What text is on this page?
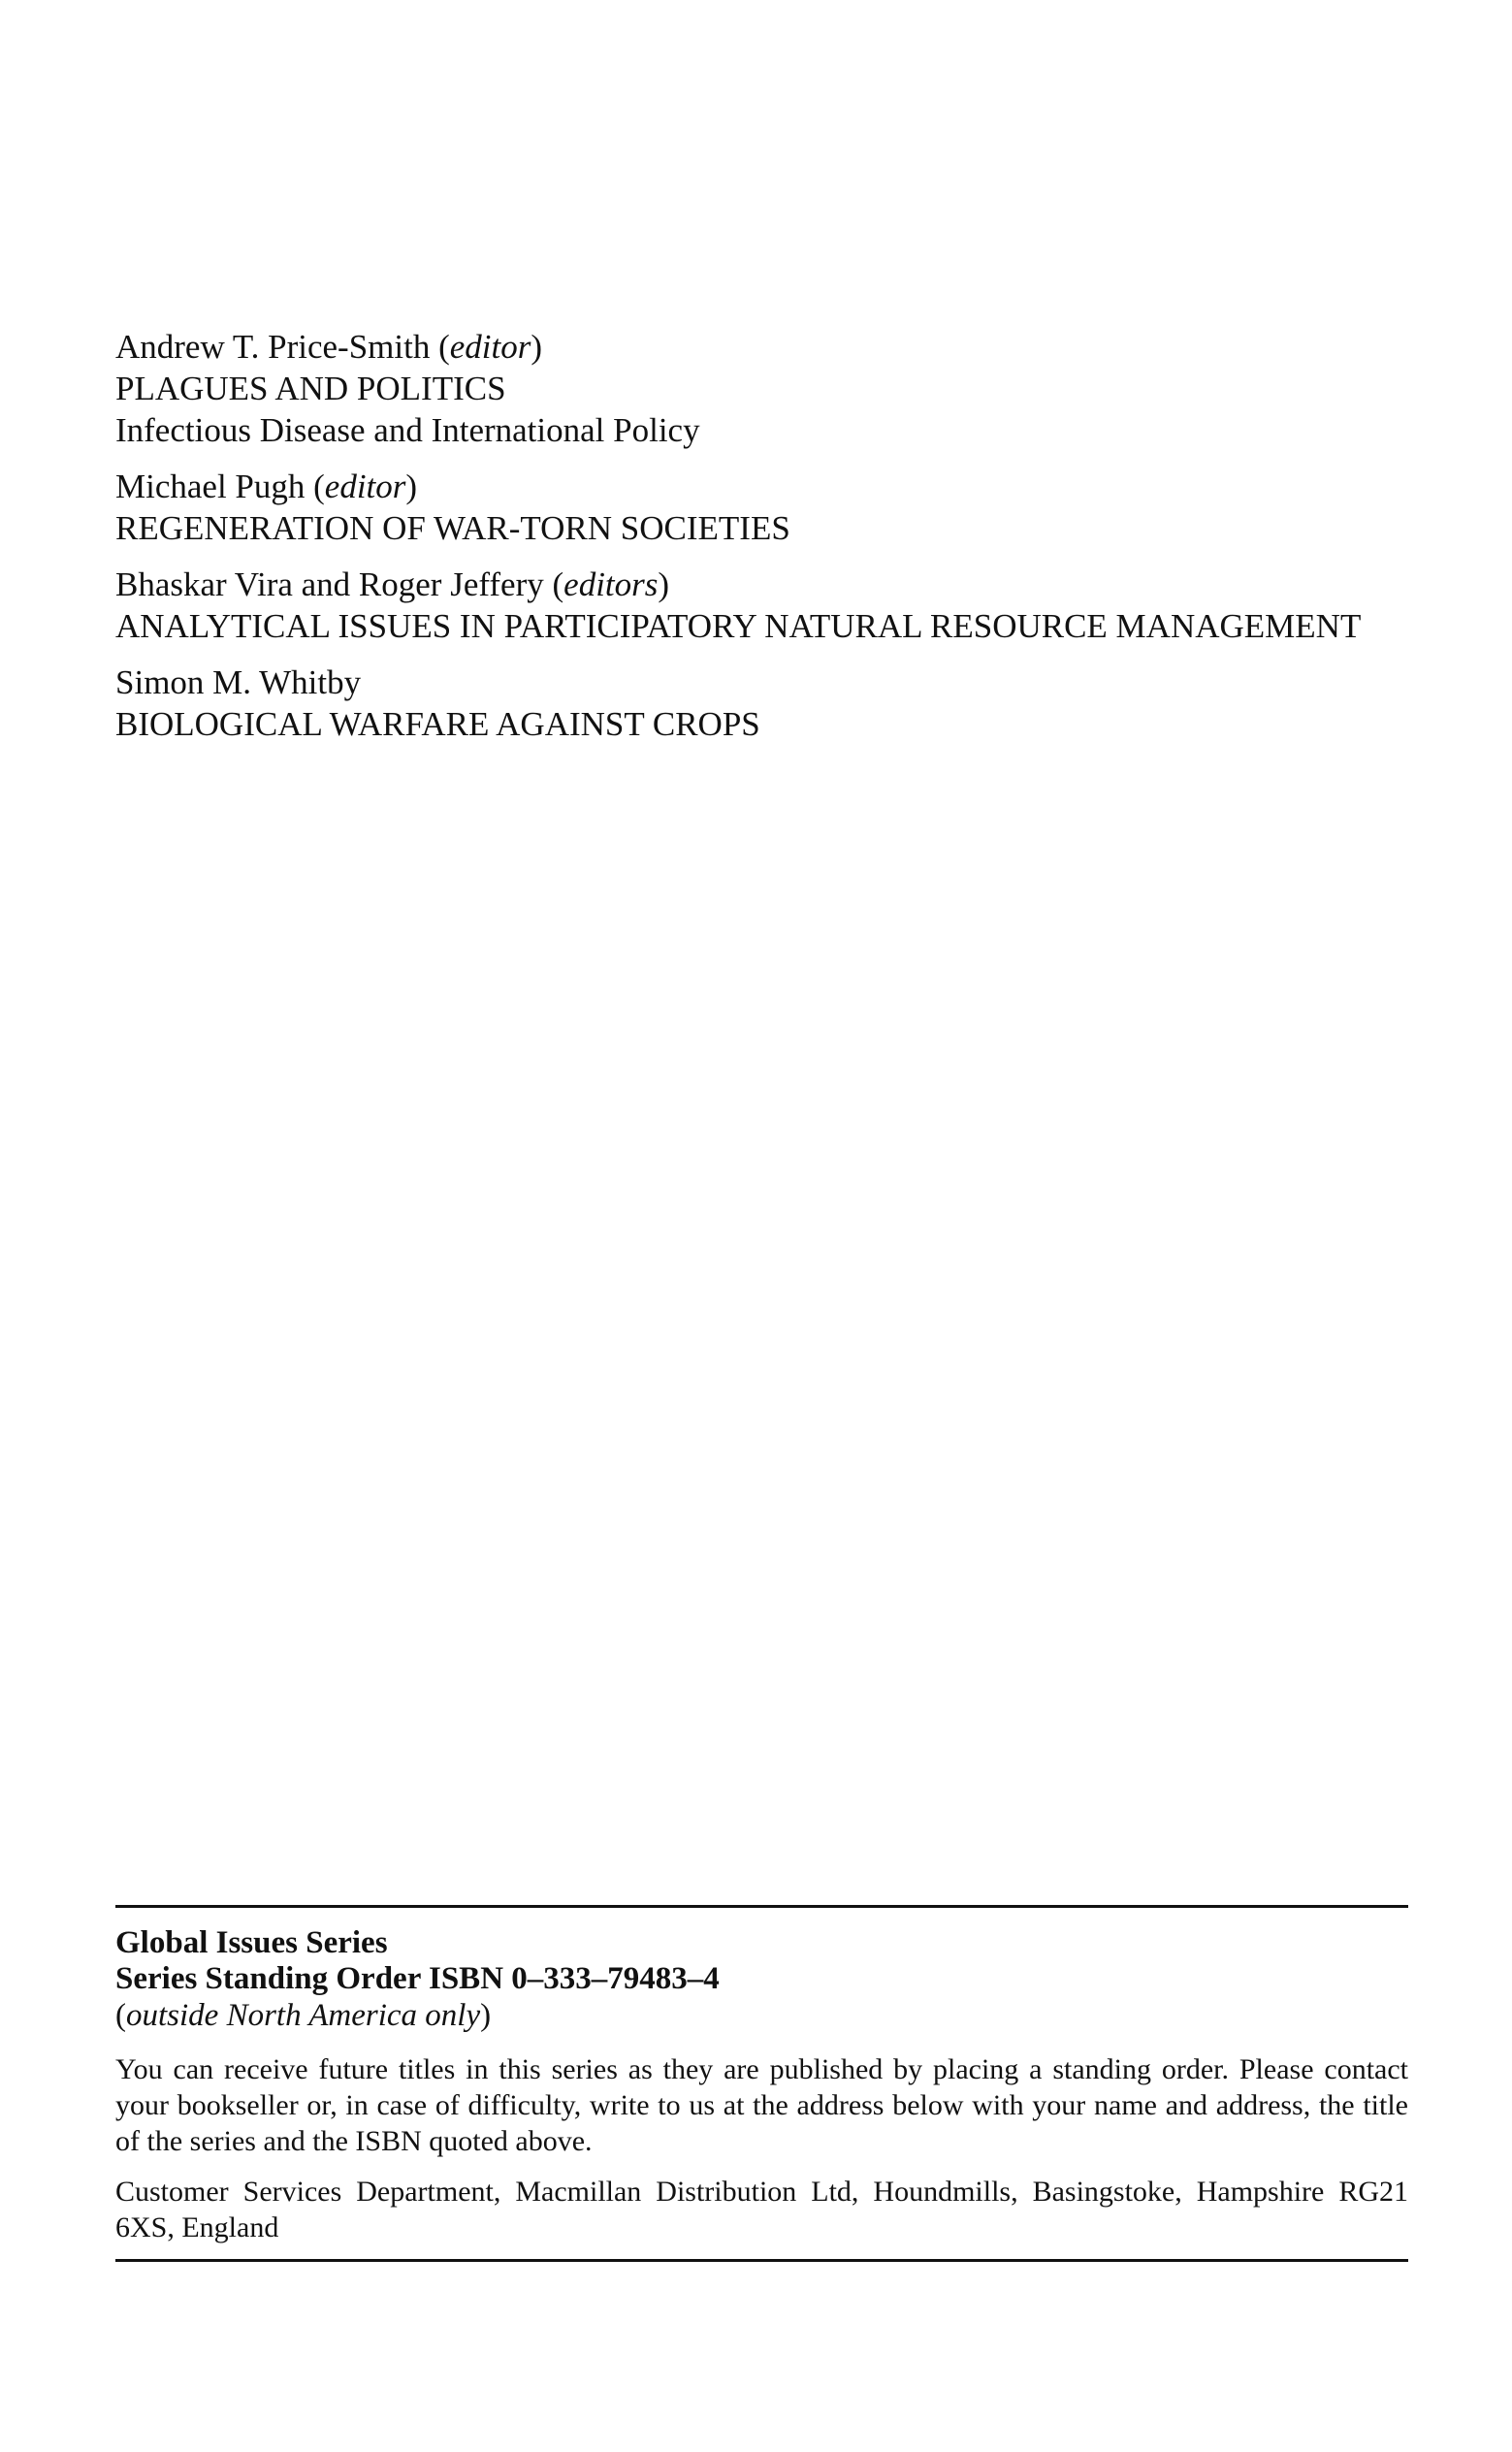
Andrew T. Price-Smith (editor)
PLAGUES AND POLITICS
Infectious Disease and International Policy
Michael Pugh (editor)
REGENERATION OF WAR-TORN SOCIETIES
Bhaskar Vira and Roger Jeffery (editors)
ANALYTICAL ISSUES IN PARTICIPATORY NATURAL RESOURCE MANAGEMENT
Simon M. Whitby
BIOLOGICAL WARFARE AGAINST CROPS
Global Issues Series
Series Standing Order ISBN 0–333–79483–4
(outside North America only)

You can receive future titles in this series as they are published by placing a standing order. Please contact your bookseller or, in case of difficulty, write to us at the address below with your name and address, the title of the series and the ISBN quoted above.

Customer Services Department, Macmillan Distribution Ltd, Houndmills, Basingstoke, Hampshire RG21 6XS, England
